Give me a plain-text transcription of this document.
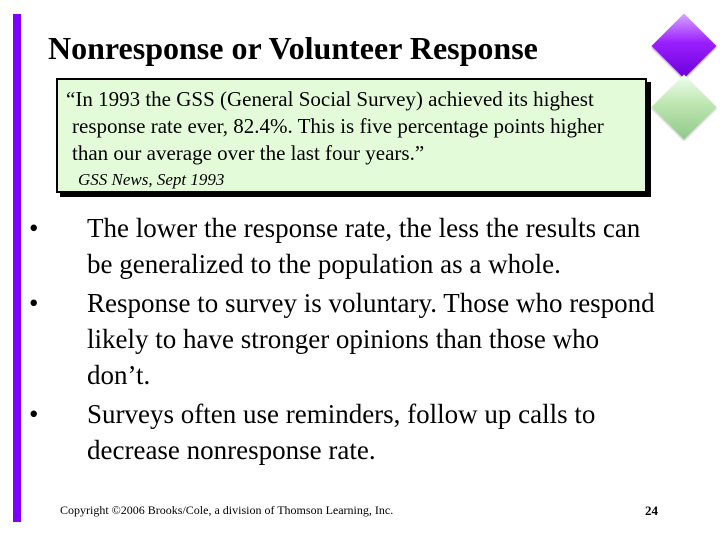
Nonresponse or Volunteer Response

“In 1993 the GSS (General Social Survey) achieved its highest response rate ever, 82.4%. This is five percentage points higher than our average over the last four years.”

GSS News, Sept 1993
• The lower the response rate, the less the results can be generalized to the population as a whole.
• Response to survey is voluntary. Those who respond likely to have stronger opinions than those who don’t.
• Surveys often use reminders, follow up calls to decrease nonresponse rate.
Copyright ©2006 Brooks/Cole, a division of Thomson Learning, Inc.	24
